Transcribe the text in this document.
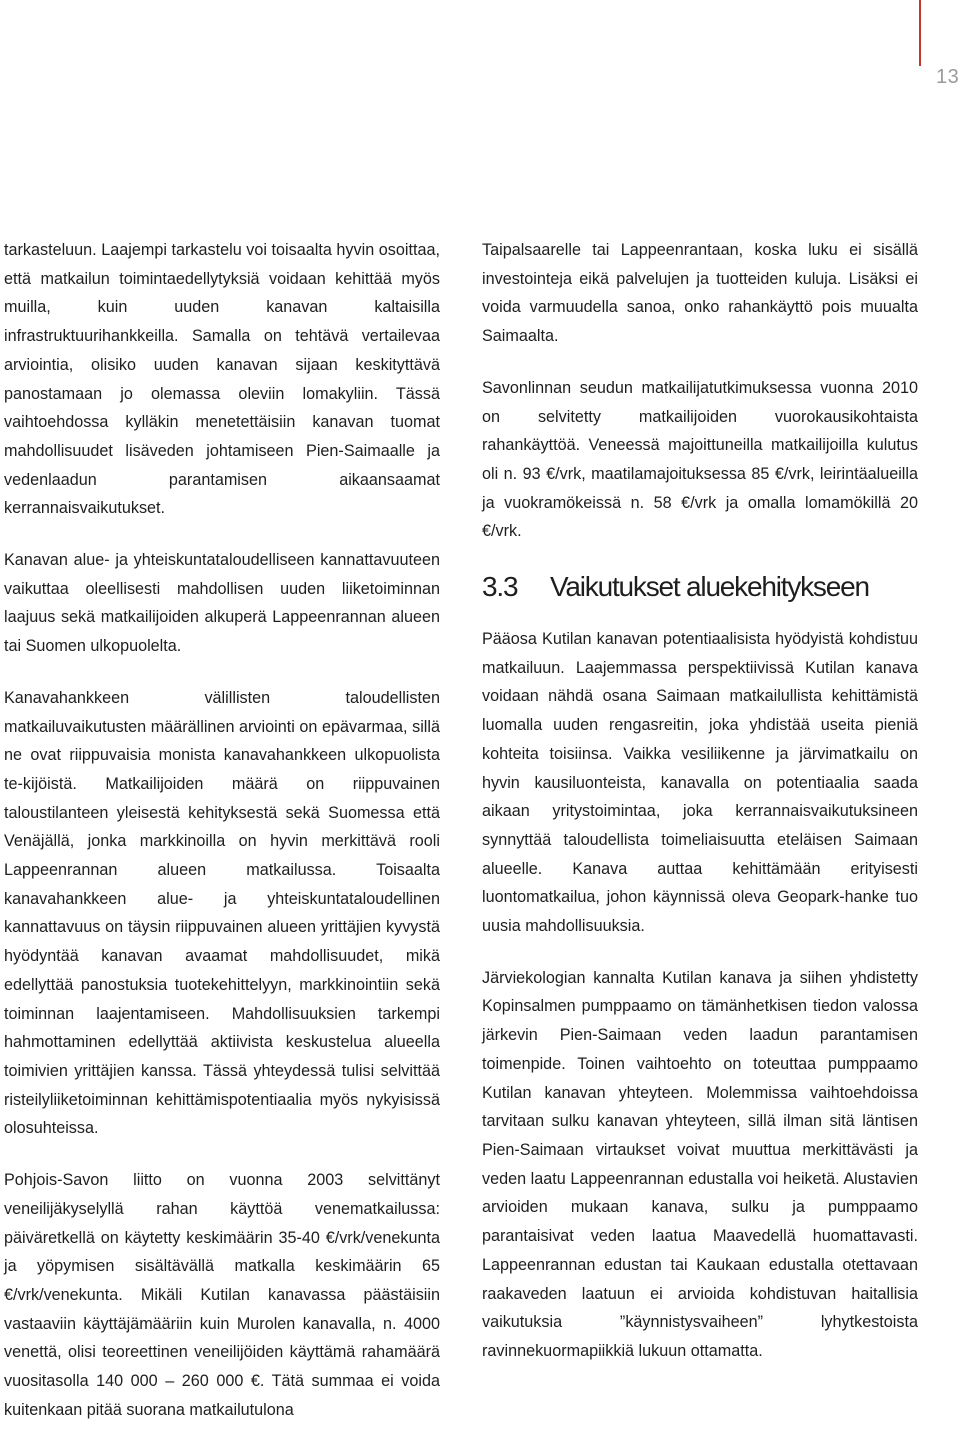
13

tarkasteluun. Laajempi tarkastelu voi toisaalta hyvin osoittaa, että matkailun toimintaedellytyksiä voidaan kehittää myös muilla, kuin uuden kanavan kaltaisilla infrastruktuurihankkeilla. Samalla on tehtävä vertailevaa arviointia, olisiko uuden kanavan sijaan keskityttävä panostamaan jo olemassa oleviin lomakyliin. Tässä vaihtoehdossa kylläkin menetettäisiin kanavan tuomat mahdollisuudet lisäveden johtamiseen Pien-Saimaalle ja vedenlaadun parantamisen aikaansaamat kerrannaisvaikutukset.

Kanavan alue- ja yhteiskuntataloudelliseen kannattavuuteen vaikuttaa oleellisesti mahdollisen uuden liiketoiminnan laajuus sekä matkailijoiden alkuperä Lappeenrannan alueen tai Suomen ulkopuolelta.

Kanavahankkeen välillisten taloudellisten matkailuvaikutusten määrällinen arviointi on epävarmaa, sillä ne ovat riippuvaisia monista kanavahankkeen ulkopuolista te-kijöistä. Matkailijoiden määrä on riippuvainen taloustilanteen yleisestä kehityksestä sekä Suomessa että Venäjällä, jonka markkinoilla on hyvin merkittävä rooli Lappeenrannan alueen matkailussa. Toisaalta kanavahankkeen alue- ja yhteiskuntataloudellinen kannattavuus on täysin riippuvainen alueen yrittäjien kyvystä hyödyntää kanavan avaamat mahdollisuudet, mikä edellyttää panostuksia tuotekehittelyyn, markkinointiin sekä toiminnan laajentamiseen. Mahdollisuuksien tarkempi hahmottaminen edellyttää aktiivista keskustelua alueella toimivien yrittäjien kanssa. Tässä yhteydessä tulisi selvittää risteilyliiketoiminnan kehittämispotentiaalia myös nykyisissä olosuhteissa.

Pohjois-Savon liitto on vuonna 2003 selvittänyt veneilijäkyselyllä rahan käyttöä venematkailussa: päiväretkellä on käytetty keskimäärin 35-40 €/vrk/venekunta ja yöpymisen sisältävällä matkalla keskimäärin 65 €/vrk/venekunta. Mikäli Kutilan kanavassa päästäisiin vastaaviin käyttäjämääriin kuin Murolen kanavalla, n. 4000 venettä, olisi teoreettinen veneilijöiden käyttämä rahamäärä vuositasolla 140 000 – 260 000 €. Tätä summaa ei voida kuitenkaan pitää suorana matkailutulona

Taipalsaarelle tai Lappeenrantaan, koska luku ei sisällä investointeja eikä palvelujen ja tuotteiden kuluja. Lisäksi ei voida varmuudella sanoa, onko rahankäyttö pois muualta Saimaalta.

Savonlinnan seudun matkailijatutkimuksessa vuonna 2010 on selvitetty matkailijoiden vuorokausikohtaista rahankäyttöä. Veneessä majoittuneilla matkailijoilla kulutus oli n. 93 €/vrk, maatilamajoituksessa 85 €/vrk, leirintäalueilla ja vuokramökeissä n. 58 €/vrk ja omalla lomamökillä 20 €/vrk.

3.3	Vaikutukset aluekehitykseen

Pääosa Kutilan kanavan potentiaalisista hyödyistä kohdistuu matkailuun. Laajemmassa perspektiivissä Kutilan kanava voidaan nähdä osana Saimaan matkailullista kehittämistä luomalla uuden rengasreitin, joka yhdistää useita pieniä kohteita toisiinsa. Vaikka vesiliikenne ja järvimatkailu on hyvin kausiluonteista, kanavalla on potentiaalia saada aikaan yritystoimintaa, joka kerrannaisvaikutuksineen synnyttää taloudellista toimeliaisuutta eteläisen Saimaan alueelle. Kanava auttaa kehittämään erityisesti luontomatkailua, johon käynnissä oleva Geopark-hanke tuo uusia mahdollisuuksia.

Järviekologian kannalta Kutilan kanava ja siihen yhdistetty Kopinsalmen pumppaamo on tämänhetkisen tiedon valossa järkevin Pien-Saimaan veden laadun parantamisen toimenpide. Toinen vaihtoehto on toteuttaa pumppaamo Kutilan kanavan yhteyteen. Molemmissa vaihtoehdoissa tarvitaan sulku kanavan yhteyteen, sillä ilman sitä läntisen Pien-Saimaan virtaukset voivat muuttua merkittävästi ja veden laatu Lappeenrannan edustalla voi heiketä. Alustavien arvioiden mukaan kanava, sulku ja pumppaamo parantaisivat veden laatua Maavedellä huomattavasti. Lappeenrannan edustan tai Kaukaan edustalla otettavaan raakaveden laatuun ei arvioida kohdistuvan haitallisia vaikutuksia ”käynnistysvaiheen” lyhytkestoista ravinnekuormapiikkiä lukuun ottamatta.
